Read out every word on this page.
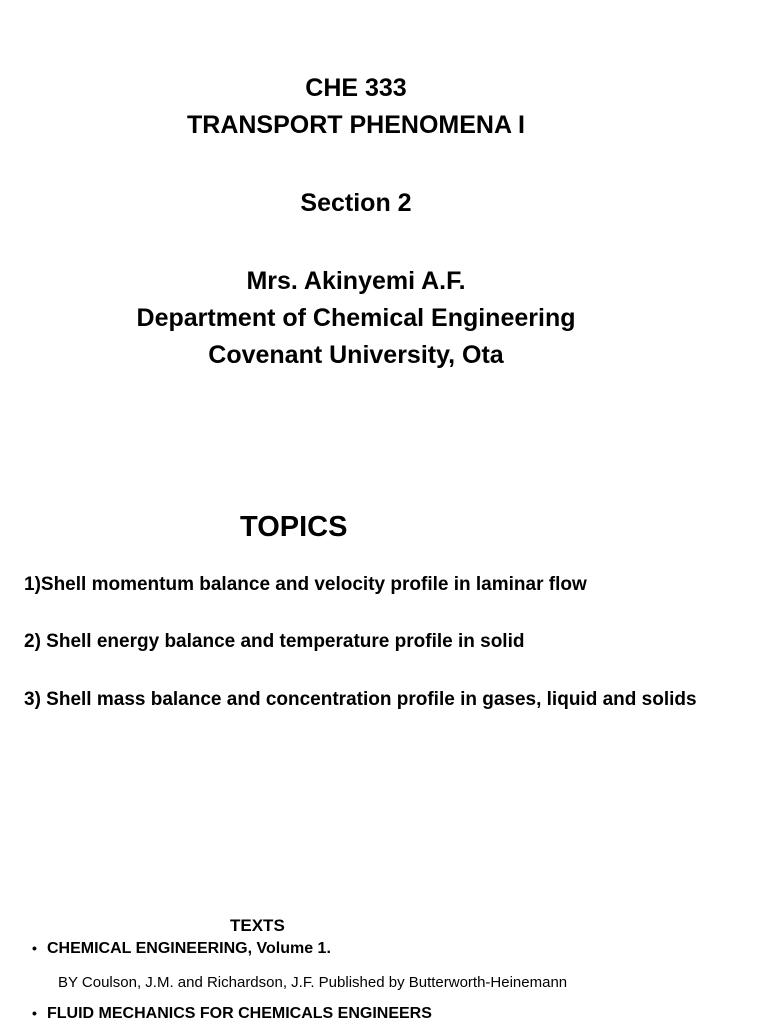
CHE 333
TRANSPORT PHENOMENA I
Section 2
Mrs. Akinyemi A.F.
Department of Chemical Engineering
Covenant University, Ota
TOPICS
1)Shell momentum balance and velocity profile in laminar flow
2) Shell energy balance and temperature profile in solid
3) Shell mass balance and concentration profile in gases, liquid and solids
TEXTS
• CHEMICAL ENGINEERING, Volume 1.
BY Coulson, J.M. and Richardson, J.F. Published by Butterworth-Heinemann
• FLUID MECHANICS FOR CHEMICALS ENGINEERS
